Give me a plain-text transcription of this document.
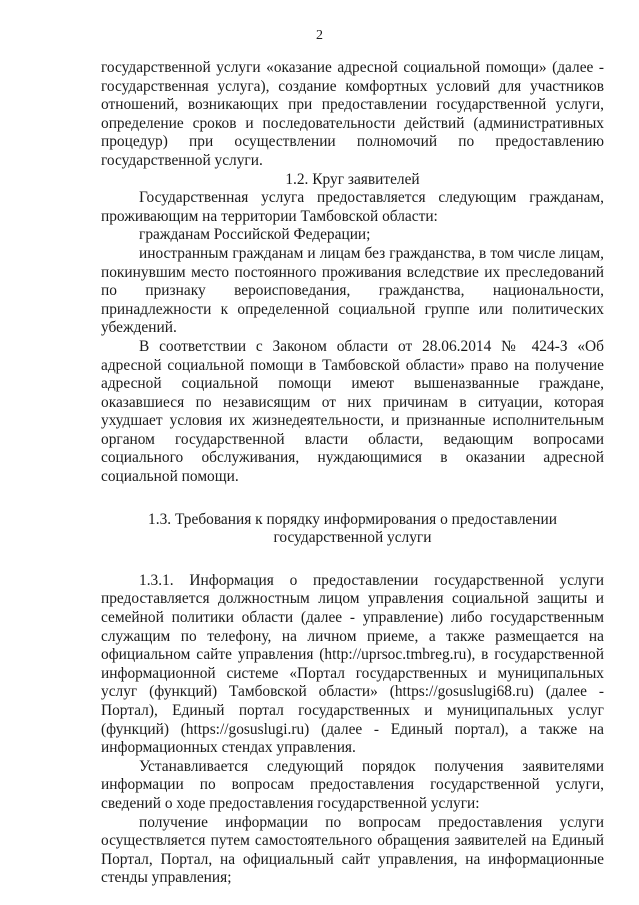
2

государственной услуги «оказание адресной социальной помощи» (далее - государственная услуга), создание комфортных условий для участников отношений, возникающих при предоставлении государственной услуги, определение сроков и последовательности действий (административных процедур) при осуществлении полномочий по предоставлению государственной услуги.

1.2. Круг заявителей

Государственная услуга предоставляется следующим гражданам, проживающим на территории Тамбовской области:

гражданам Российской Федерации;

иностранным гражданам и лицам без гражданства, в том числе лицам, покинувшим место постоянного проживания вследствие их преследований по признаку вероисповедания, гражданства, национальности, принадлежности к определенной социальной группе или политических убеждений.

В соответствии с Законом области от 28.06.2014 № 424-З «Об адресной социальной помощи в Тамбовской области» право на получение адресной социальной помощи имеют вышеназванные граждане, оказавшиеся по независящим от них причинам в ситуации, которая ухудшает условия их жизнедеятельности, и признанные исполнительным органом государственной власти области, ведающим вопросами социального обслуживания, нуждающимися в оказании адресной социальной помощи.

1.3. Требования к порядку информирования о предоставлении

государственной услуги

1.3.1. Информация о предоставлении государственной услуги предоставляется должностным лицом управления социальной защиты и семейной политики области (далее - управление) либо государственным служащим по телефону, на личном приеме, а также размещается на официальном сайте управления (http://uprsoc.tmbreg.ru), в государственной информационной системе «Портал государственных и муниципальных услуг (функций) Тамбовской области» (https://gosuslugi68.ru) (далее - Портал), Единый портал государственных и муниципальных услуг (функций) (https://gosuslugi.ru) (далее - Единый портал), а также на информационных стендах управления.

Устанавливается следующий порядок получения заявителями информации по вопросам предоставления государственной услуги, сведений о ходе предоставления государственной услуги:

получение информации по вопросам предоставления услуги осуществляется путем самостоятельного обращения заявителей на Единый Портал, Портал, на официальный сайт управления, на информационные стенды управления;
